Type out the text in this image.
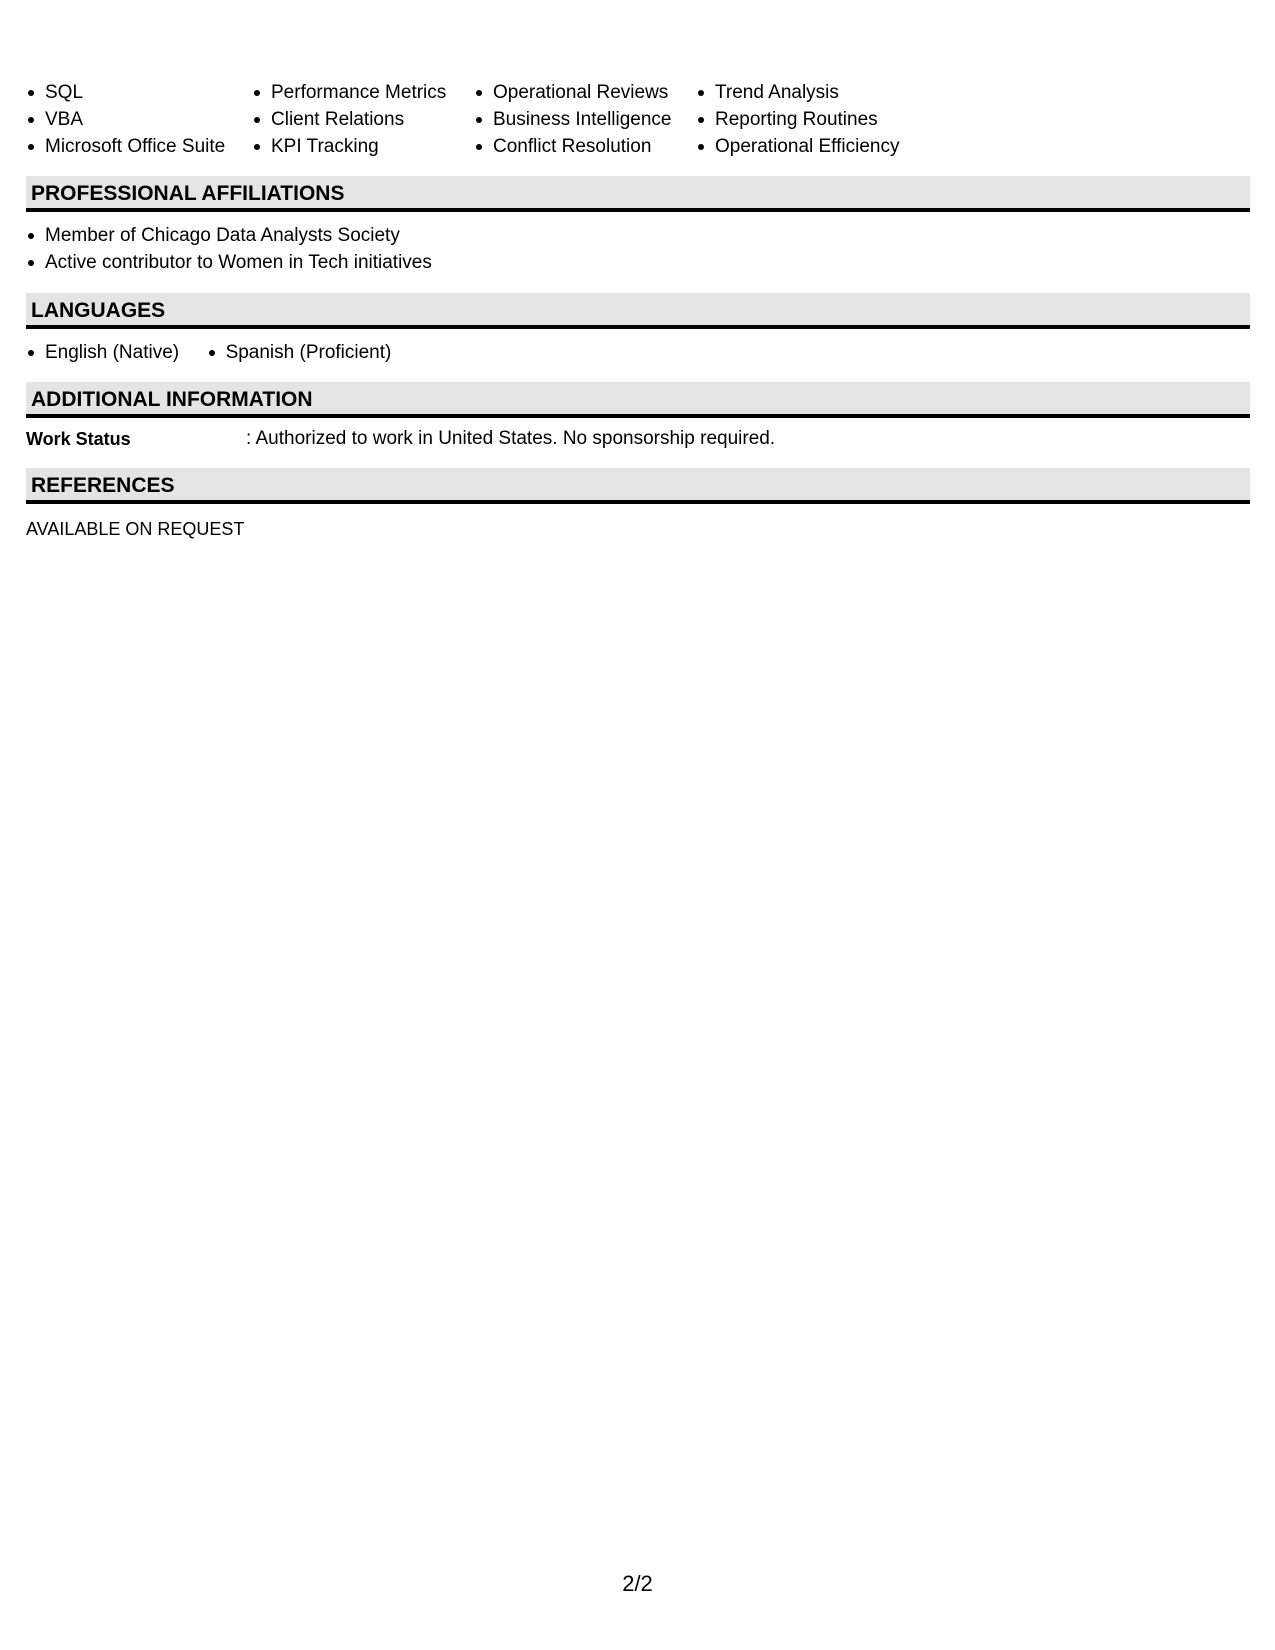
SQL
VBA
Microsoft Office Suite
Performance Metrics
Client Relations
KPI Tracking
Operational Reviews
Business Intelligence
Conflict Resolution
Trend Analysis
Reporting Routines
Operational Efficiency
PROFESSIONAL AFFILIATIONS
Member of Chicago Data Analysts Society
Active contributor to Women in Tech initiatives
LANGUAGES
English (Native) Spanish (Proficient)
ADDITIONAL INFORMATION
Work Status	: Authorized to work in United States. No sponsorship required.
REFERENCES
AVAILABLE ON REQUEST
2/2
